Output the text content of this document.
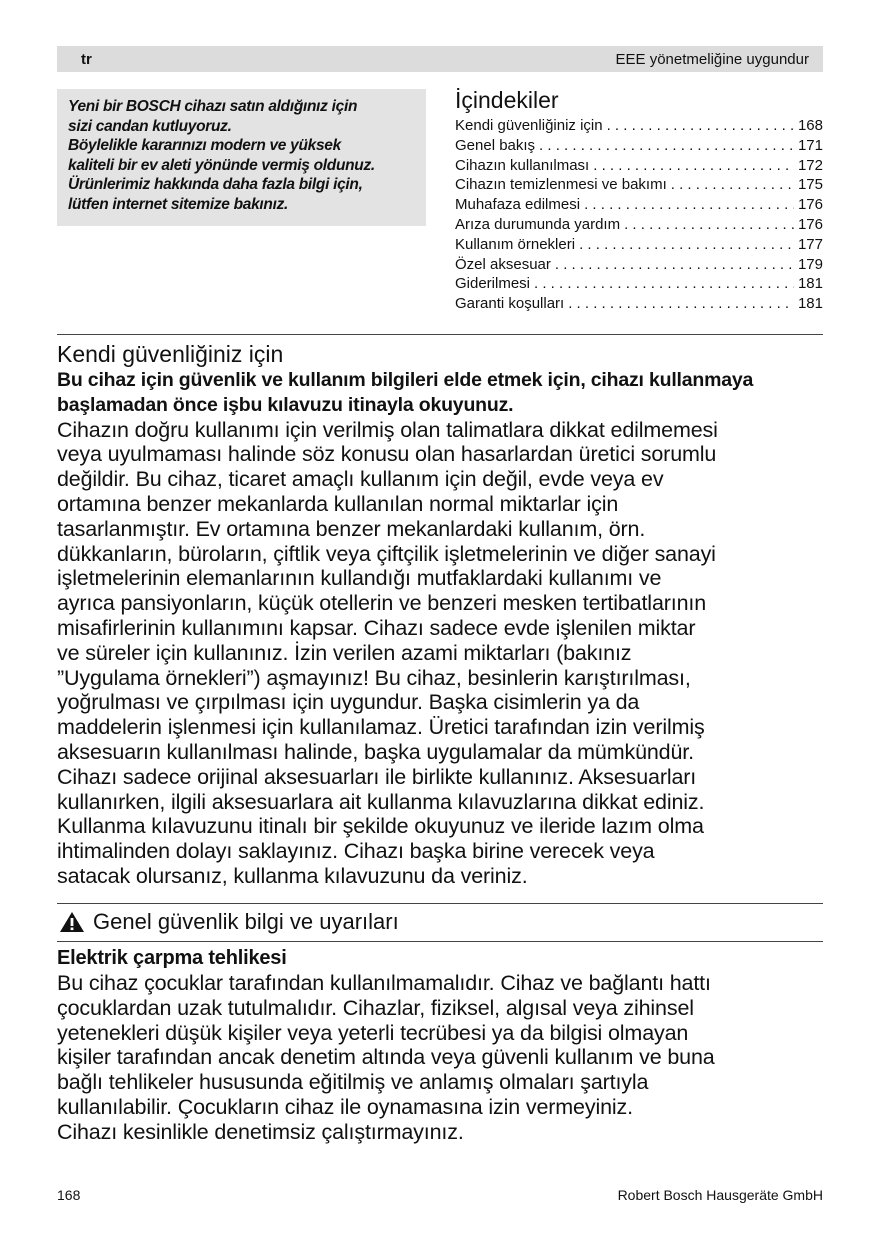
tr	EEE yönetmeliğine uygundur
Yeni bir BOSCH cihazı satın aldığınız için
sizi candan kutluyoruz.
Böylelikle kararınızı modern ve yüksek
kaliteli bir ev aleti yönünde vermiş oldunuz.
Ürünlerimiz hakkında daha fazla bilgi için,
lütfen internet sitemize bakınız.
İçindekiler
Kendi güvenliğiniz için . . .	168
Genel bakış . . .	171
Cihazın kullanılması . . .	172
Cihazın temizlenmesi ve bakımı . . .	175
Muhafaza edilmesi . . .	176
Arıza durumunda yardım . . .	176
Kullanım örnekleri . . .	177
Özel aksesuar . . .	179
Giderilmesi . . .	181
Garanti koşulları . . .	181
Kendi güvenliğiniz için

Bu cihaz için güvenlik ve kullanım bilgileri elde etmek için, cihazı kullanmaya başlamadan önce işbu kılavuzu itinayla okuyunuz.

Cihazın doğru kullanımı için verilmiş olan talimatlara dikkat edilmemesi
veya uyulmaması halinde söz konusu olan hasarlardan üretici sorumlu
değildir. Bu cihaz, ticaret amaçlı kullanım için değil, evde veya ev
ortamına benzer mekanlarda kullanılan normal miktarlar için
tasarlanmıştır. Ev ortamına benzer mekanlardaki kullanım, örn.
dükkanların, büroların, çiftlik veya çiftçilik işletmelerinin ve diğer sanayi
işletmelerinin elemanlarının kullandığı mutfaklardaki kullanımı ve
ayrıca pansiyonların, küçük otellerin ve benzeri mesken tertibatlarının
misafirlerinin kullanımını kapsar. Cihazı sadece evde işlenilen miktar
ve süreler için kullanınız. İzin verilen azami miktarları (bakınız
”Uygulama örnekleri”) aşmayınız! Bu cihaz, besinlerin karıştırılması,
yoğrulması ve çırpılması için uygundur. Başka cisimlerin ya da
maddelerin işlenmesi için kullanılamaz. Üretici tarafından izin verilmiş
aksesuarın kullanılması halinde, başka uygulamalar da mümkündür.
Cihazı sadece orijinal aksesuarları ile birlikte kullanınız. Aksesuarları
kullanırken, ilgili aksesuarlara ait kullanma kılavuzlarına dikkat ediniz.
Kullanma kılavuzunu itinalı bir şekilde okuyunuz ve ileride lazım olma
ihtimalinden dolayı saklayınız. Cihazı başka birine verecek veya
satacak olursanız, kullanma kılavuzunu da veriniz.

Genel güvenlik bilgi ve uyarıları
Elektrik çarpma tehlikesi

Bu cihaz çocuklar tarafından kullanılmamalıdır. Cihaz ve bağlantı hattı
çocuklardan uzak tutulmalıdır. Cihazlar, fiziksel, algısal veya zihinsel
yetenekleri düşük kişiler veya yeterli tecrübesi ya da bilgisi olmayan
kişiler tarafından ancak denetim altında veya güvenli kullanım ve buna
bağlı tehlikeler hususunda eğitilmiş ve anlamış olmaları şartıyla
kullanılabilir. Çocukların cihaz ile oynamasına izin vermeyiniz.
Cihazı kesinlikle denetimsiz çalıştırmayınız.

168	Robert Bosch Hausgeräte GmbH
